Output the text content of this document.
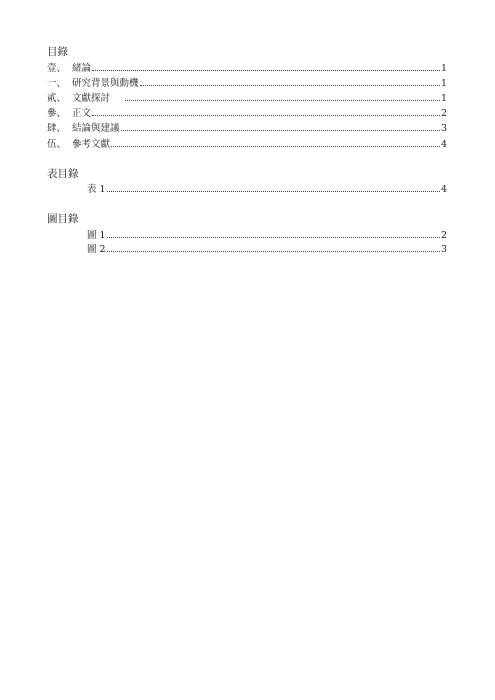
目錄
壹、 緒論	1
一、 研究背景與動機	1
貳、 文獻探討	1
參、 正文	2
肆、 結論與建議	3
伍、 參考文獻	4
表目錄
表 1	4
圖目錄
圖 1	2
圖 2	3
